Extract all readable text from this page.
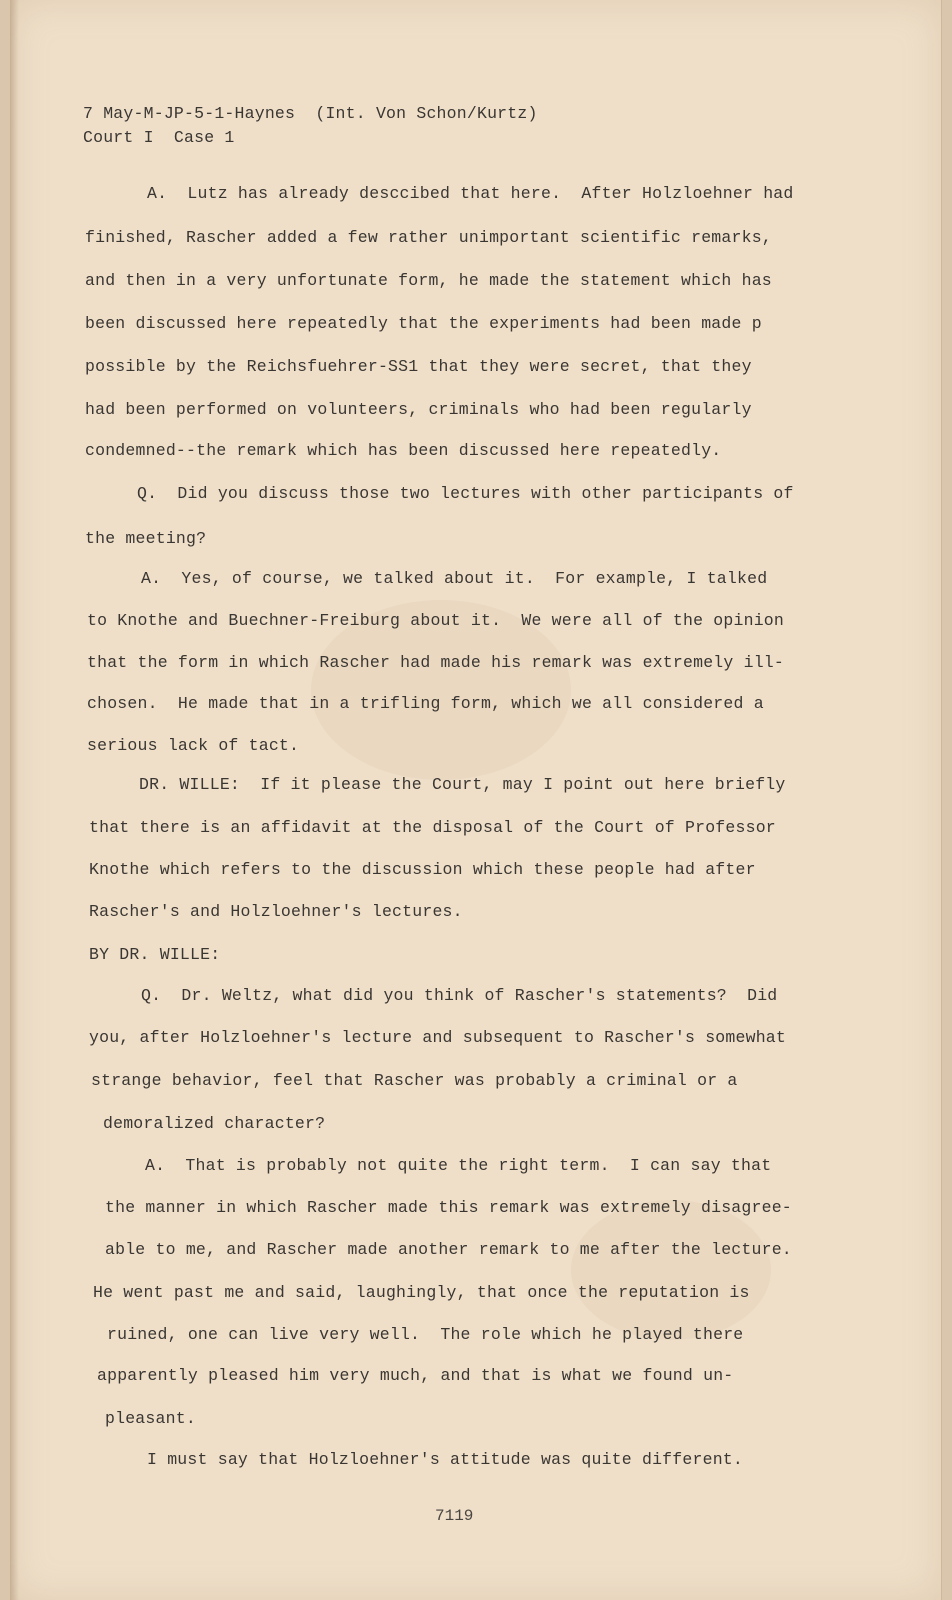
7 May-M-JP-5-1-Haynes  (Int. Von Schon/Kurtz)
Court I  Case 1
A.  Lutz has already desccibed that here.  After Holzloehner had
finished, Rascher added a few rather unimportant scientific remarks,
and then in a very unfortunate form, he made the statement which has
been discussed here repeatedly that the experiments had been made p
possible by the Reichsfuehrer-SS1 that they were secret, that they
had been performed on volunteers, criminals who had been regularly
condemned--the remark which has been discussed here repeatedly.
Q.  Did you discuss those two lectures with other participants of
the meeting?
A.  Yes, of course, we talked about it.  For example, I talked
to Knothe and Buechner-Freiburg about it.  We were all of the opinion
that the form in which Rascher had made his remark was extremely ill-
chosen.  He made that in a trifling form, which we all considered a
serious lack of tact.
DR. WILLE:  If it please the Court, may I point out here briefly
that there is an affidavit at the disposal of the Court of Professor
Knothe which refers to the discussion which these people had after
Rascher's and Holzloehner's lectures.
BY DR. WILLE:
Q.  Dr. Weltz, what did you think of Rascher's statements?  Did
you, after Holzloehner's lecture and subsequent to Rascher's somewhat
strange behavior, feel that Rascher was probably a criminal or a
demoralized character?
A.  That is probably not quite the right term.  I can say that
the manner in which Rascher made this remark was extremely disagree-
able to me, and Rascher made another remark to me after the lecture.
He went past me and said, laughingly, that once the reputation is
ruined, one can live very well.  The role which he played there
apparently pleased him very much, and that is what we found un-
pleasant.
I must say that Holzloehner's attitude was quite different.
7119
